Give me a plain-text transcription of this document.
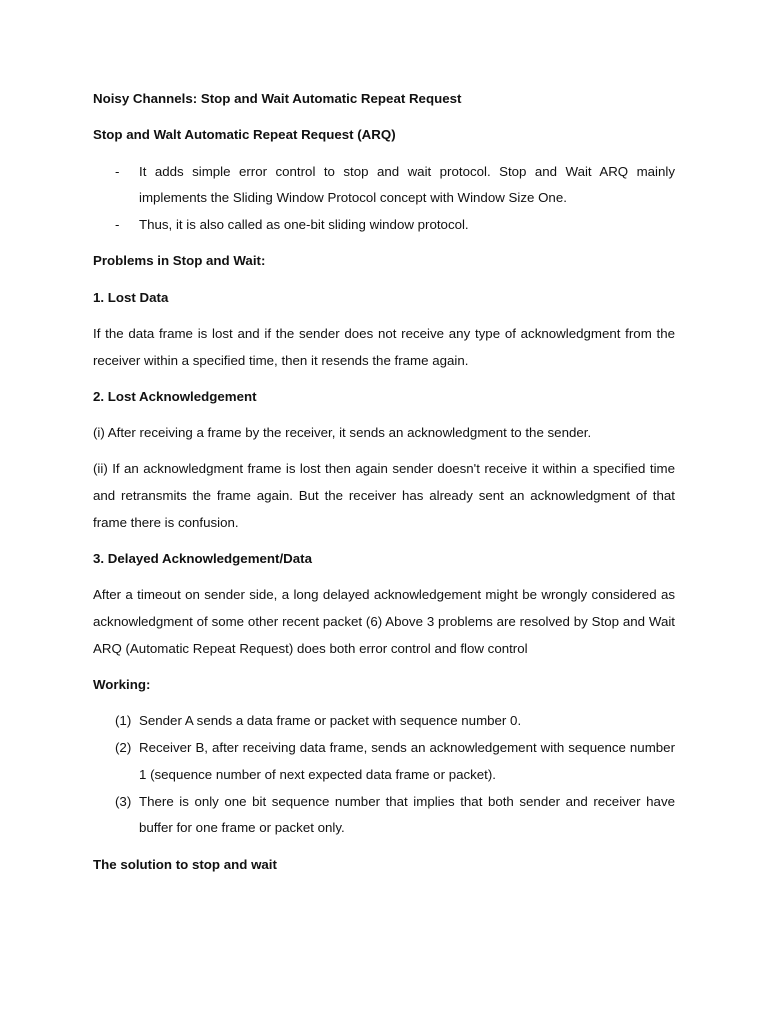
Noisy Channels: Stop and Wait Automatic Repeat Request

Stop and Walt Automatic Repeat Request (ARQ)

- It adds simple error control to stop and wait protocol. Stop and Wait ARQ mainly implements the Sliding Window Protocol concept with Window Size One.
- Thus, it is also called as one-bit sliding window protocol.

Problems in Stop and Wait:

1. Lost Data

If the data frame is lost and if the sender does not receive any type of acknowledgment from the receiver within a specified time, then it resends the frame again.

2. Lost Acknowledgement

(i) After receiving a frame by the receiver, it sends an acknowledgment to the sender.

(ii) If an acknowledgment frame is lost then again sender doesn't receive it within a specified time and retransmits the frame again. But the receiver has already sent an acknowledgment of that frame there is confusion.

3. Delayed Acknowledgement/Data

After a timeout on sender side, a long delayed acknowledgement might be wrongly considered as acknowledgment of some other recent packet (6) Above 3 problems are resolved by Stop and Wait ARQ (Automatic Repeat Request) does both error control and flow control

Working:

(1) Sender A sends a data frame or packet with sequence number 0.
(2) Receiver B, after receiving data frame, sends an acknowledgement with sequence number 1 (sequence number of next expected data frame or packet).
(3) There is only one bit sequence number that implies that both sender and receiver have buffer for one frame or packet only.

The solution to stop and wait
